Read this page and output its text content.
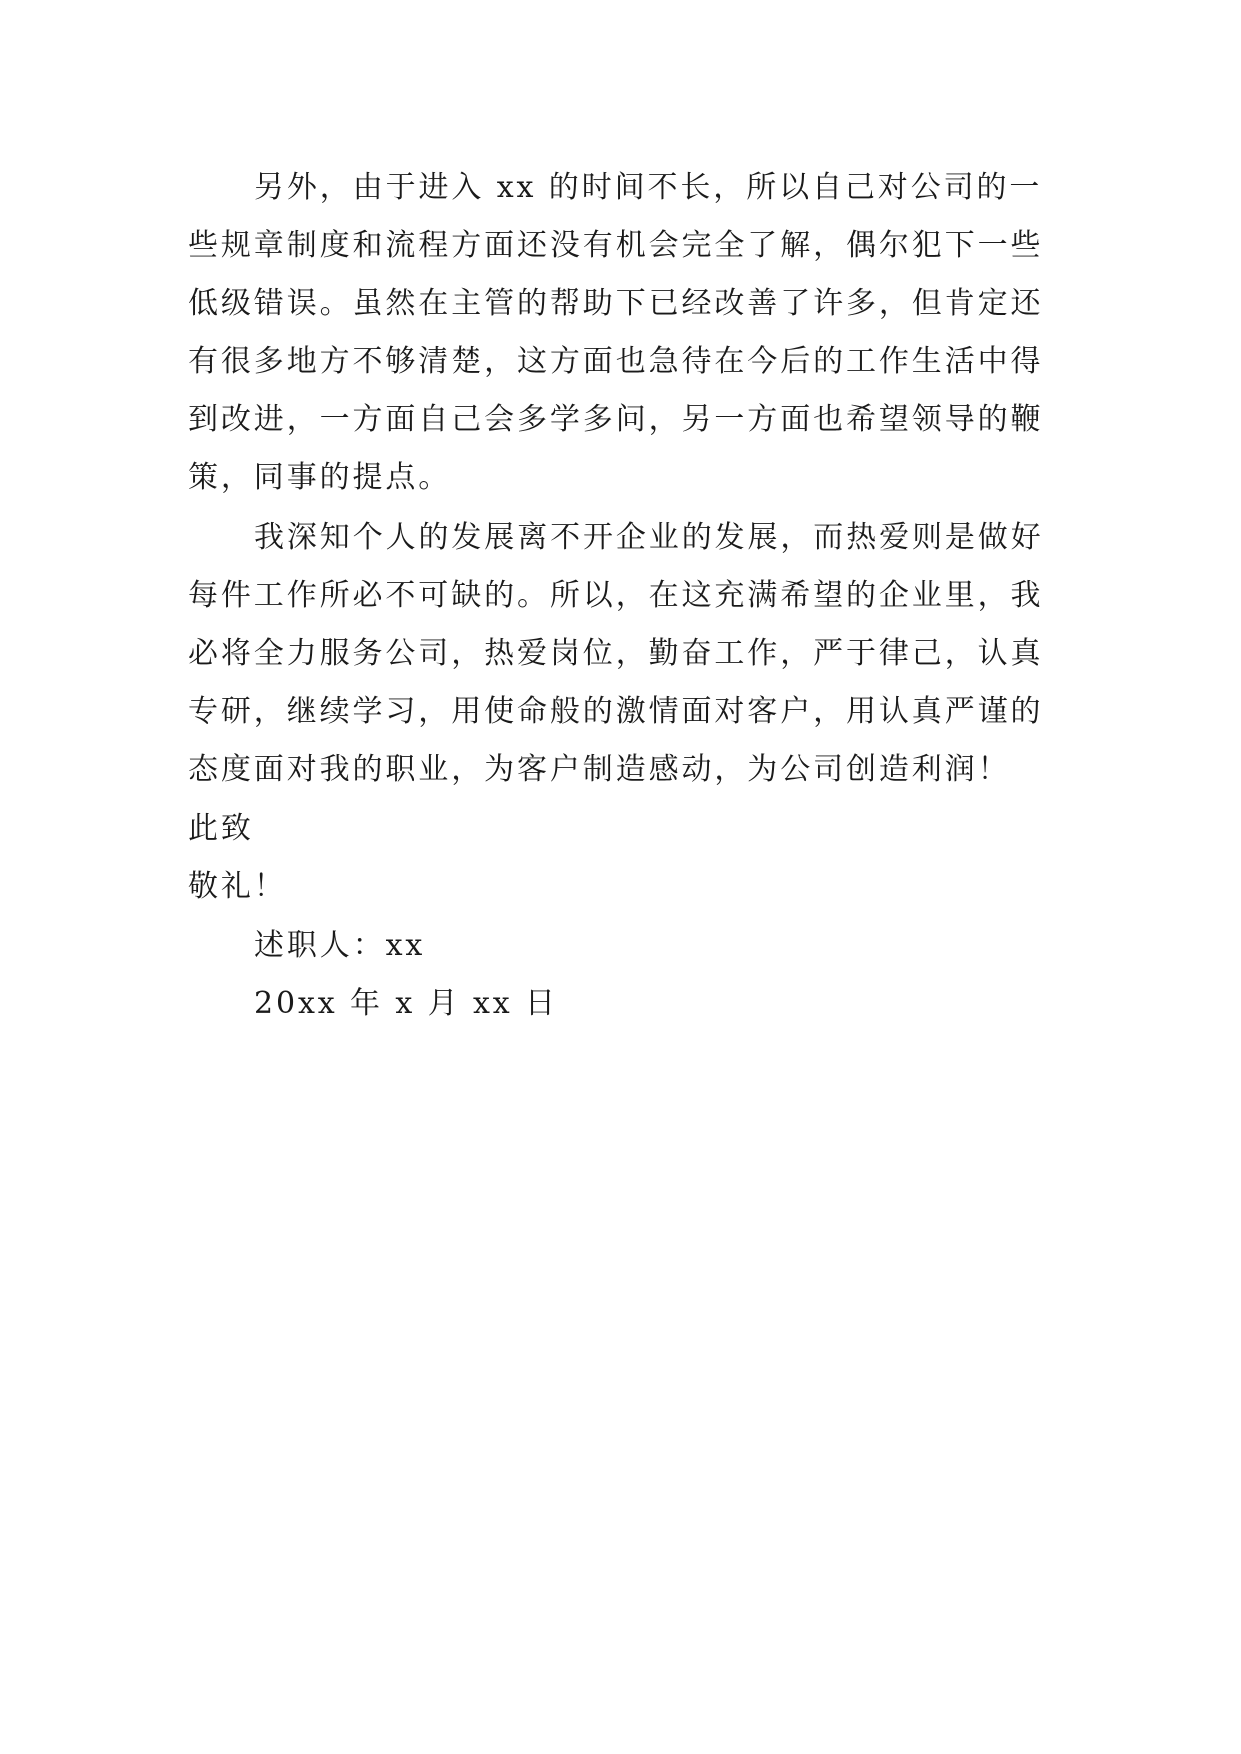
另外，由于进入 xx 的时间不长，所以自己对公司的一
些规章制度和流程方面还没有机会完全了解，偶尔犯下一些
低级错误。虽然在主管的帮助下已经改善了许多，但肯定还
有很多地方不够清楚，这方面也急待在今后的工作生活中得
到改进，一方面自己会多学多问，另一方面也希望领导的鞭
策，同事的提点。
我深知个人的发展离不开企业的发展，而热爱则是做好
每件工作所必不可缺的。所以，在这充满希望的企业里，我
必将全力服务公司，热爱岗位，勤奋工作，严于律己，认真
专研，继续学习，用使命般的激情面对客户，用认真严谨的
态度面对我的职业，为客户制造感动，为公司创造利润！
此致
敬礼！
述职人：xx
20xx 年 x 月 xx 日
